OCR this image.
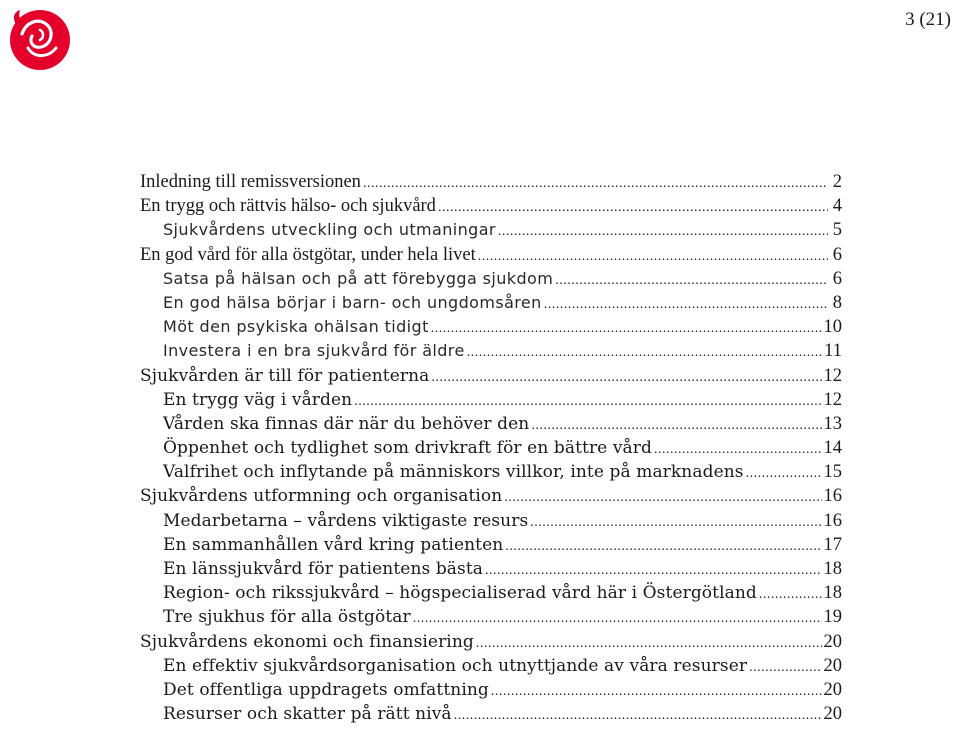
3 (21)
Inledning till remissversionen .....	2
En trygg och rättvis hälso- och sjukvård .....	4
Sjukvårdens utveckling och utmaningar .....	5
En god vård för alla östgötar, under hela livet .....	6
Satsa på hälsan och på att förebygga sjukdom .....	6
En god hälsa börjar i barn- och ungdomsåren .....	8
Möt den psykiska ohälsan tidigt .....	10
Investera i en bra sjukvård för äldre .....	11
Sjukvården är till för patienterna .....	12
En trygg väg i vården .....	12
Vården ska finnas där när du behöver den .....	13
Öppenhet och tydlighet som drivkraft för en bättre vård .....	14
Valfrihet och inflytande på människors villkor, inte på marknadens .....	15
Sjukvårdens utformning och organisation .....	16
Medarbetarna – vårdens viktigaste resurs .....	16
En sammanhållen vård kring patienten .....	17
En länssjukvård för patientens bästa .....	18
Region- och rikssjukvård – högspecialiserad vård här i Östergötland .....	18
Tre sjukhus för alla östgötar .....	19
Sjukvårdens ekonomi och finansiering .....	20
En effektiv sjukvårdsorganisation och utnyttjande av våra resurser .....	20
Det offentliga uppdragets omfattning .....	20
Resurser och skatter på rätt nivå .....	20
